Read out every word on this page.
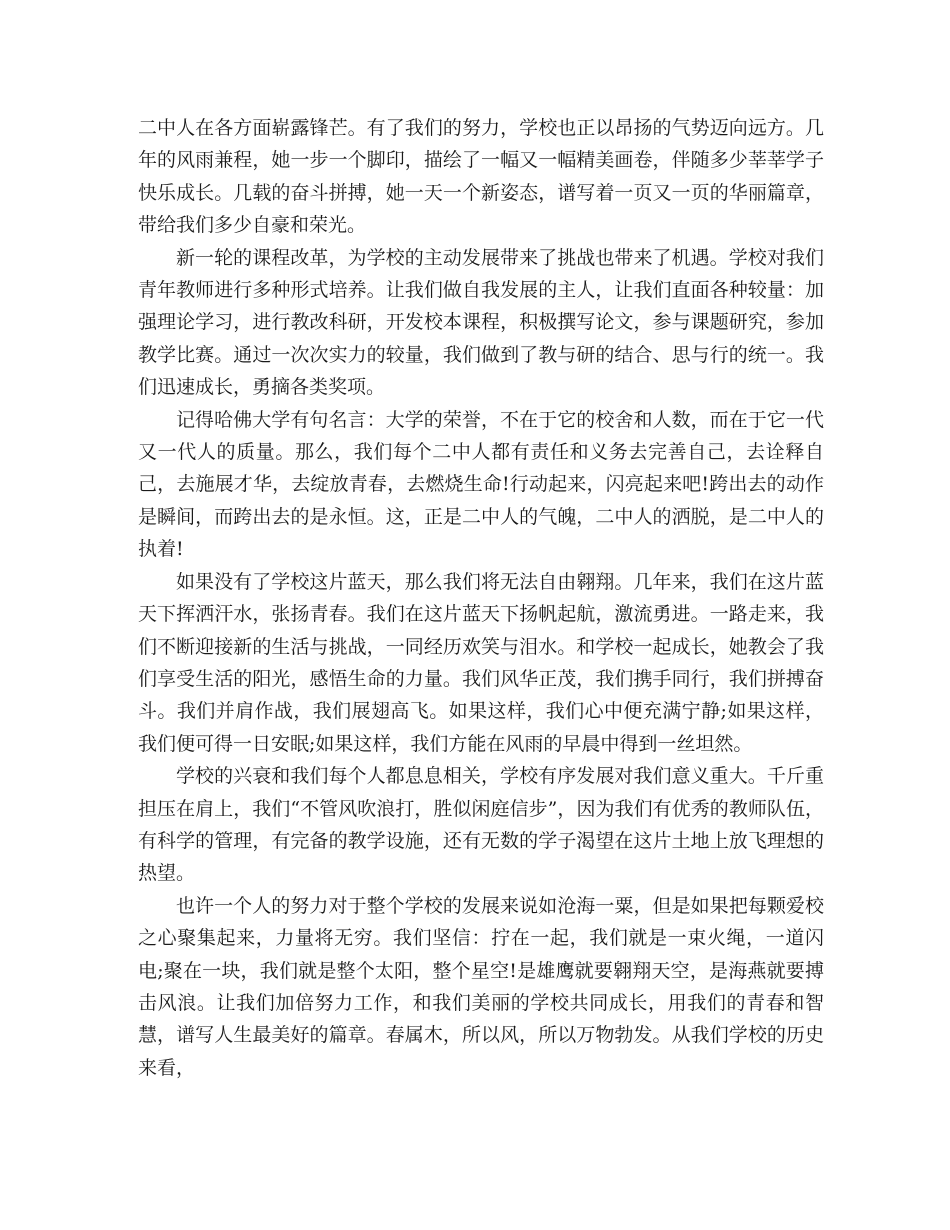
二中人在各方面崭露锋芒。有了我们的努力，学校也正以昂扬的气势迈向远方。几年的风雨兼程，她一步一个脚印，描绘了一幅又一幅精美画卷，伴随多少莘莘学子快乐成长。几载的奋斗拼搏，她一天一个新姿态，谱写着一页又一页的华丽篇章，带给我们多少自豪和荣光。

新一轮的课程改革，为学校的主动发展带来了挑战也带来了机遇。学校对我们青年教师进行多种形式培养。让我们做自我发展的主人，让我们直面各种较量：加强理论学习，进行教改科研，开发校本课程，积极撰写论文，参与课题研究，参加教学比赛。通过一次次实力的较量，我们做到了教与研的结合、思与行的统一。我们迅速成长，勇摘各类奖项。

记得哈佛大学有句名言：大学的荣誉，不在于它的校舍和人数，而在于它一代又一代人的质量。那么，我们每个二中人都有责任和义务去完善自己，去诠释自己，去施展才华，去绽放青春，去燃烧生命!行动起来，闪亮起来吧!跨出去的动作是瞬间，而跨出去的是永恒。这，正是二中人的气魄，二中人的洒脱，是二中人的执着!

如果没有了学校这片蓝天，那么我们将无法自由翱翔。几年来，我们在这片蓝天下挥洒汗水，张扬青春。我们在这片蓝天下扬帆起航，激流勇进。一路走来，我们不断迎接新的生活与挑战，一同经历欢笑与泪水。和学校一起成长，她教会了我们享受生活的阳光，感悟生命的力量。我们风华正茂，我们携手同行，我们拼搏奋斗。我们并肩作战，我们展翅高飞。如果这样，我们心中便充满宁静;如果这样，我们便可得一日安眠;如果这样，我们方能在风雨的早晨中得到一丝坦然。

学校的兴衰和我们每个人都息息相关，学校有序发展对我们意义重大。千斤重担压在肩上，我们“不管风吹浪打，胜似闲庭信步”，因为我们有优秀的教师队伍，有科学的管理，有完备的教学设施，还有无数的学子渴望在这片土地上放飞理想的热望。

也许一个人的努力对于整个学校的发展来说如沧海一粟，但是如果把每颗爱校之心聚集起来，力量将无穷。我们坚信：拧在一起，我们就是一束火绳，一道闪电;聚在一块，我们就是整个太阳，整个星空!是雄鹰就要翱翔天空，是海燕就要搏击风浪。让我们加倍努力工作，和我们美丽的学校共同成长，用我们的青春和智慧，谱写人生最美好的篇章。春属木，所以风，所以万物勃发。从我们学校的历史来看，
